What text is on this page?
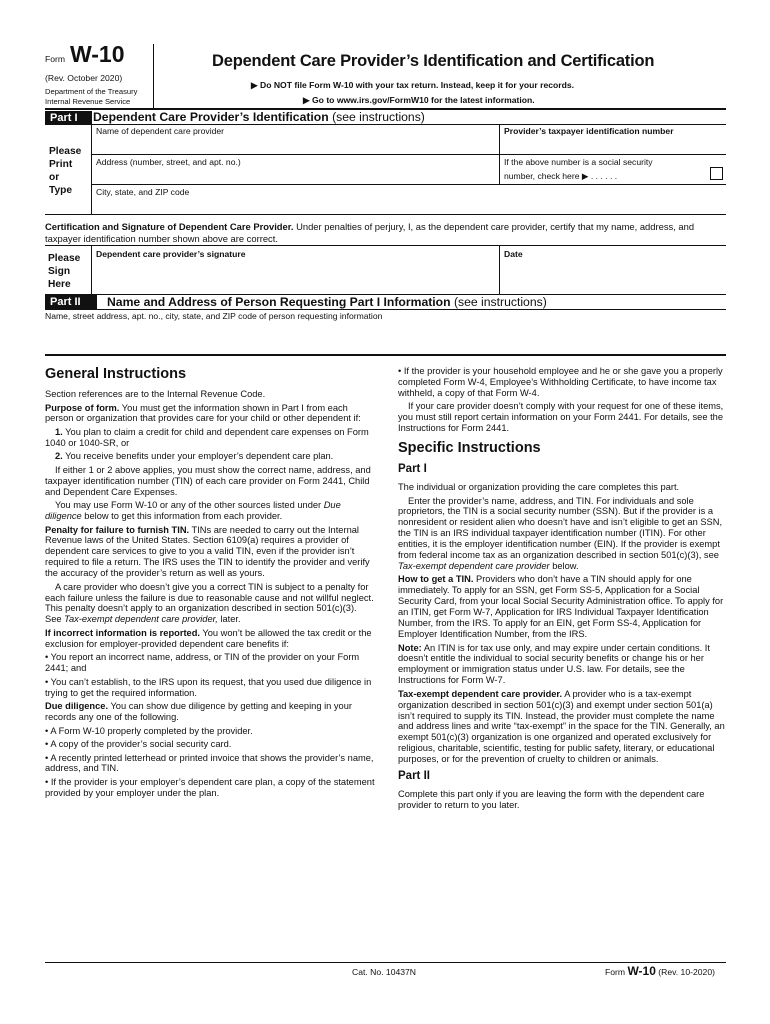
Form W-10
(Rev. October 2020)
Department of the Treasury
Internal Revenue Service
Dependent Care Provider’s Identification and Certification
▶ Do NOT file Form W-10 with your tax return. Instead, keep it for your records.
▶ Go to www.irs.gov/FormW10 for the latest information.
Part I	Dependent Care Provider’s Identification (see instructions)
Please
Print
or
Type
Name of dependent care provider	Provider’s taxpayer identification number
Address (number, street, and apt. no.)	If the above number is a social security
number, check here ▶ . . . . . .
City, state, and ZIP code
Certification and Signature of Dependent Care Provider. Under penalties of perjury, I, as the dependent care provider, certify that my name, address, and taxpayer identification number shown above are correct.
Please
Sign
Here
Dependent care provider’s signature	Date
Part II	Name and Address of Person Requesting Part I Information (see instructions)
Name, street address, apt. no., city, state, and ZIP code of person requesting information
General Instructions

Section references are to the Internal Revenue Code.

Purpose of form. You must get the information shown in Part I from each person or organization that provides care for your child or other dependent if:

1. You plan to claim a credit for child and dependent care expenses on Form 1040 or 1040-SR, or

2. You receive benefits under your employer’s dependent care plan.

If either 1 or 2 above applies, you must show the correct name, address, and taxpayer identification number (TIN) of each care provider on Form 2441, Child and Dependent Care Expenses.

You may use Form W-10 or any of the other sources listed under Due diligence below to get this information from each provider.

Penalty for failure to furnish TIN. TINs are needed to carry out the Internal Revenue laws of the United States. Section 6109(a) requires a provider of dependent care services to give to you a valid TIN, even if the provider isn’t required to file a return. The IRS uses the TIN to identify the provider and verify the accuracy of the provider’s return as well as yours.

A care provider who doesn’t give you a correct TIN is subject to a penalty for each failure unless the failure is due to reasonable cause and not willful neglect. This penalty doesn’t apply to an organization described in section 501(c)(3). See Tax-exempt dependent care provider, later.

If incorrect information is reported. You won’t be allowed the tax credit or the exclusion for employer-provided dependent care benefits if:

• You report an incorrect name, address, or TIN of the provider on your Form 2441; and

• You can’t establish, to the IRS upon its request, that you used due diligence in trying to get the required information.

Due diligence. You can show due diligence by getting and keeping in your records any one of the following.

• A Form W-10 properly completed by the provider.

• A copy of the provider’s social security card.

• A recently printed letterhead or printed invoice that shows the provider’s name, address, and TIN.

• If the provider is your employer’s dependent care plan, a copy of the statement provided by your employer under the plan.

• If the provider is your household employee and he or she gave you a properly completed Form W-4, Employee’s Withholding Certificate, to have income tax withheld, a copy of that Form W-4.

If your care provider doesn’t comply with your request for one of these items, you must still report certain information on your Form 2441. For details, see the Instructions for Form 2441.

Specific Instructions
Part I

The individual or organization providing the care completes this part.

Enter the provider’s name, address, and TIN. For individuals and sole proprietors, the TIN is a social security number (SSN). But if the provider is a nonresident or resident alien who doesn’t have and isn’t eligible to get an SSN, the TIN is an IRS individual taxpayer identification number (ITIN). For other entities, it is the employer identification number (EIN). If the provider is exempt from federal income tax as an organization described in section 501(c)(3), see Tax-exempt dependent care provider below.

How to get a TIN. Providers who don’t have a TIN should apply for one immediately. To apply for an SSN, get Form SS-5, Application for a Social Security Card, from your local Social Security Administration office. To apply for an ITIN, get Form W-7, Application for IRS Individual Taxpayer Identification Number, from the IRS. To apply for an EIN, get Form SS-4, Application for Employer Identification Number, from the IRS.

Note: An ITIN is for tax use only, and may expire under certain conditions. It doesn’t entitle the individual to social security benefits or change his or her employment or immigration status under U.S. law. For details, see the Instructions for Form W-7.

Tax-exempt dependent care provider. A provider who is a tax-exempt organization described in section 501(c)(3) and exempt under section 501(a) isn’t required to supply its TIN. Instead, the provider must complete the name and address lines and write “tax-exempt” in the space for the TIN. Generally, an exempt 501(c)(3) organization is one organized and operated exclusively for religious, charitable, scientific, testing for public safety, literary, or educational purposes, or for the prevention of cruelty to children or animals.

Part II

Complete this part only if you are leaving the form with the dependent care provider to return to you later.

Cat. No. 10437N	Form W-10 (Rev. 10-2020)
